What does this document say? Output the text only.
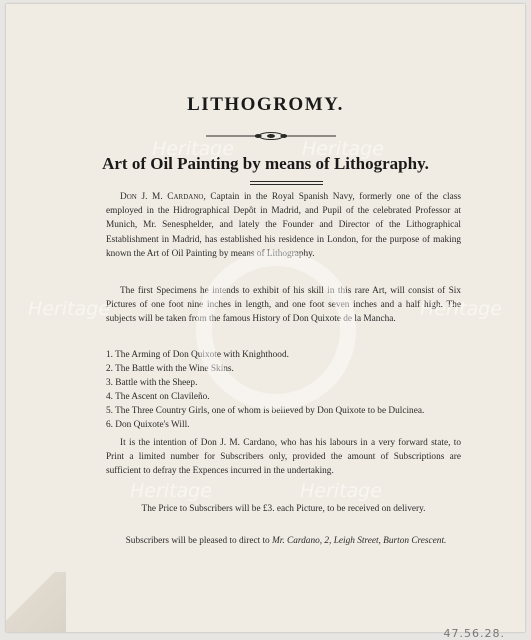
LITHOGROMY.
Art of Oil Painting by means of Lithography.

Don J. M. Cardano, Captain in the Royal Spanish Navy, formerly one of the class employed in the Hidrographical Depôt in Madrid, and Pupil of the celebrated Professor at Munich, Mr. Senesphelder, and lately the Founder and Director of the Lithographical Establishment in Madrid, has established his residence in London, for the purpose of making known the Art of Oil Painting by means of Lithography.

The first Specimens he intends to exhibit of his skill in this rare Art, will consist of Six Pictures of one foot nine inches in length, and one foot seven inches and a half high. The subjects will be taken from the famous History of Don Quixote de la Mancha.

1. The Arming of Don Quixote with Knighthood.
2. The Battle with the Wine Skins.
3. Battle with the Sheep.
4. The Ascent on Clavileño.
5. The Three Country Girls, one of whom is believed by Don Quixote to be Dulcinea.
6. Don Quixote's Will.

It is the intention of Don J. M. Cardano, who has his labours in a very forward state, to Print a limited number for Subscribers only, provided the amount of Subscriptions are sufficient to defray the Expences incurred in the undertaking.

The Price to Subscribers will be £3. each Picture, to be received on delivery.

Subscribers will be pleased to direct to Mr. Cardano, 2, Leigh Street, Burton Crescent.
Heritage	Heritage
Heritage	Heritage
Heritage	Heritage
47.56.28.
